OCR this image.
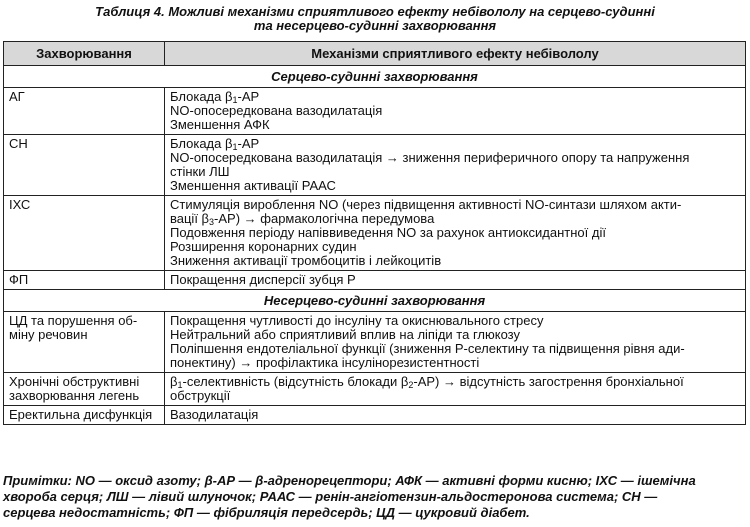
Таблиця 4. Можливі механізми сприятливого ефекту небівололу на серцево-судинні
та несерцево-судинні захворювання
Захворювання	Механізми сприятливого ефекту небівололу
Серцево-судинні захворювання	
АГ	Блокада $\beta_1-АР$
NO-опосередкована вазодилатація
Зменшення АФК

СН	Блокада $\beta_1-АР$
NO-опосередкована вазодилатація → зниження периферичного опору та напруження
стінки ЛШ
Зменшення активації РААС

ІХС	Стимуляція вироблення NO (через підвищення активності NO-синтази шляхом акти-
вації $\beta_3-АР$) → фармакологічна передумова
Подовження періоду напіввиведення NO за рахунок антиоксидантної дії
Розширення коронарних судин
Зниження активації тромбоцитів і лейкоцитів

ФП	Покращення дисперсії зубця Р

Несерцево-судинні захворювання	

ЦД та порушення об-
міну речовин	Покращення чутливості до інсуліну та окиснювального стресу
Нейтральний або сприятливий вплив на ліпіди та глюкозу
Поліпшення ендотеліальної функції (зниження Р-селектину та підвищення рівня ади-
понектину) → профілактика інсулінорезистентності

Хронічні обструктивні
захворювання легень	$\beta_1$-селективність (відсутність блокади $\beta_2-АР$) → відсутність загострення бронхіальної
обструкції

Еректильна дисфункція	Вазодилатація
Примітки: NO — оксид азоту; β-АР — β-адренорецептори; АФК — активні форми кисню; ІХС — ішемічна
хвороба серця; ЛШ — лівий шлуночок; РААС — ренін-ангіотензин-альдостеронова система; СН —
серцева недостатність; ФП — фібриляція передсердь; ЦД — цукровий діабет.
